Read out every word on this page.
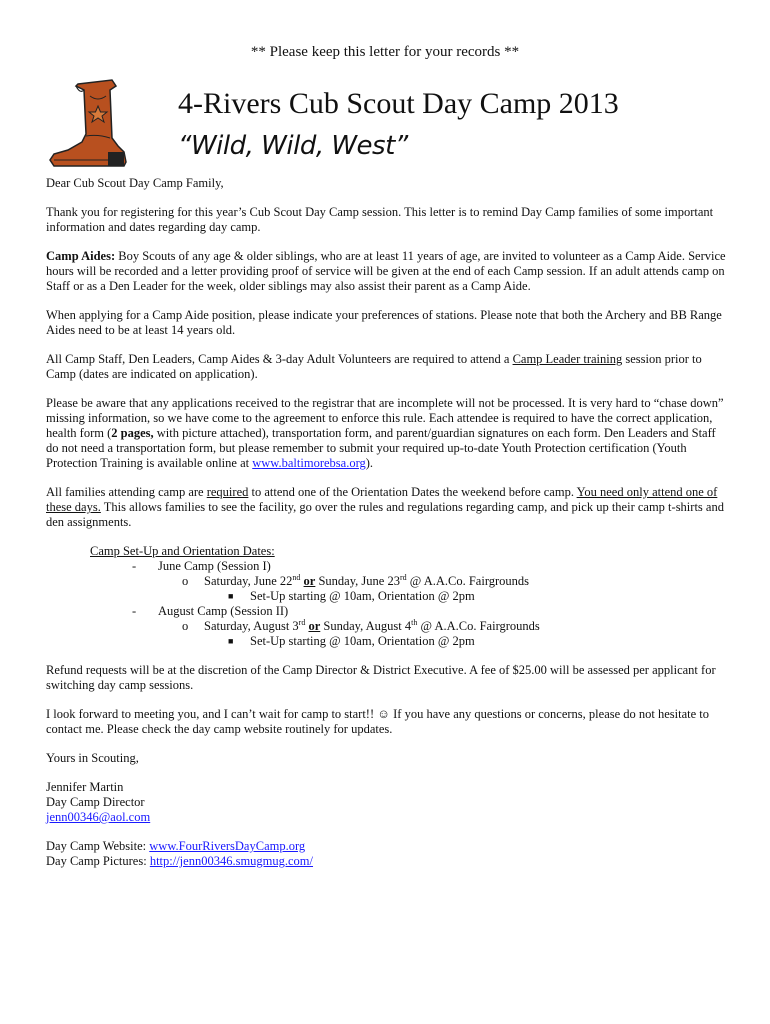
** Please keep this letter for your records **
4-Rivers Cub Scout Day Camp 2013
“Wild, Wild, West”

Dear Cub Scout Day Camp Family,

Thank you for registering for this year’s Cub Scout Day Camp session. This letter is to remind Day Camp families of some important information and dates regarding day camp.

Camp Aides: Boy Scouts of any age & older siblings, who are at least 11 years of age, are invited to volunteer as a Camp Aide. Service hours will be recorded and a letter providing proof of service will be given at the end of each Camp session. If an adult attends camp on Staff or as a Den Leader for the week, older siblings may also assist their parent as a Camp Aide.

When applying for a Camp Aide position, please indicate your preferences of stations. Please note that both the Archery and BB Range Aides need to be at least 14 years old.

All Camp Staff, Den Leaders, Camp Aides & 3-day Adult Volunteers are required to attend a Camp Leader training session prior to Camp (dates are indicated on application).

Please be aware that any applications received to the registrar that are incomplete will not be processed. It is very hard to “chase down” missing information, so we have come to the agreement to enforce this rule. Each attendee is required to have the correct application, health form (2 pages, with picture attached), transportation form, and parent/guardian signatures on each form. Den Leaders and Staff do not need a transportation form, but please remember to submit your required up-to-date Youth Protection certification (Youth Protection Training is available online at www.baltimorebsa.org).

All families attending camp are required to attend one of the Orientation Dates the weekend before camp. You need only attend one of these days. This allows families to see the facility, go over the rules and regulations regarding camp, and pick up their camp t-shirts and den assignments.

Camp Set-Up and Orientation Dates:
- June Camp (Session I)
o Saturday, June 22nd or Sunday, June 23rd @ A.A.Co. Fairgrounds
■ Set-Up starting @ 10am, Orientation @ 2pm
- August Camp (Session II)
o Saturday, August 3rd or Sunday, August 4th @ A.A.Co. Fairgrounds
■ Set-Up starting @ 10am, Orientation @ 2pm

Refund requests will be at the discretion of the Camp Director & District Executive. A fee of $25.00 will be assessed per applicant for switching day camp sessions.

I look forward to meeting you, and I can’t wait for camp to start!! ☺ If you have any questions or concerns, please do not hesitate to contact me. Please check the day camp website routinely for updates.

Yours in Scouting,

Jennifer Martin

Day Camp Director

jenn00346@aol.com

Day Camp Website: www.FourRiversDayCamp.org

Day Camp Pictures: http://jenn00346.smugmug.com/
